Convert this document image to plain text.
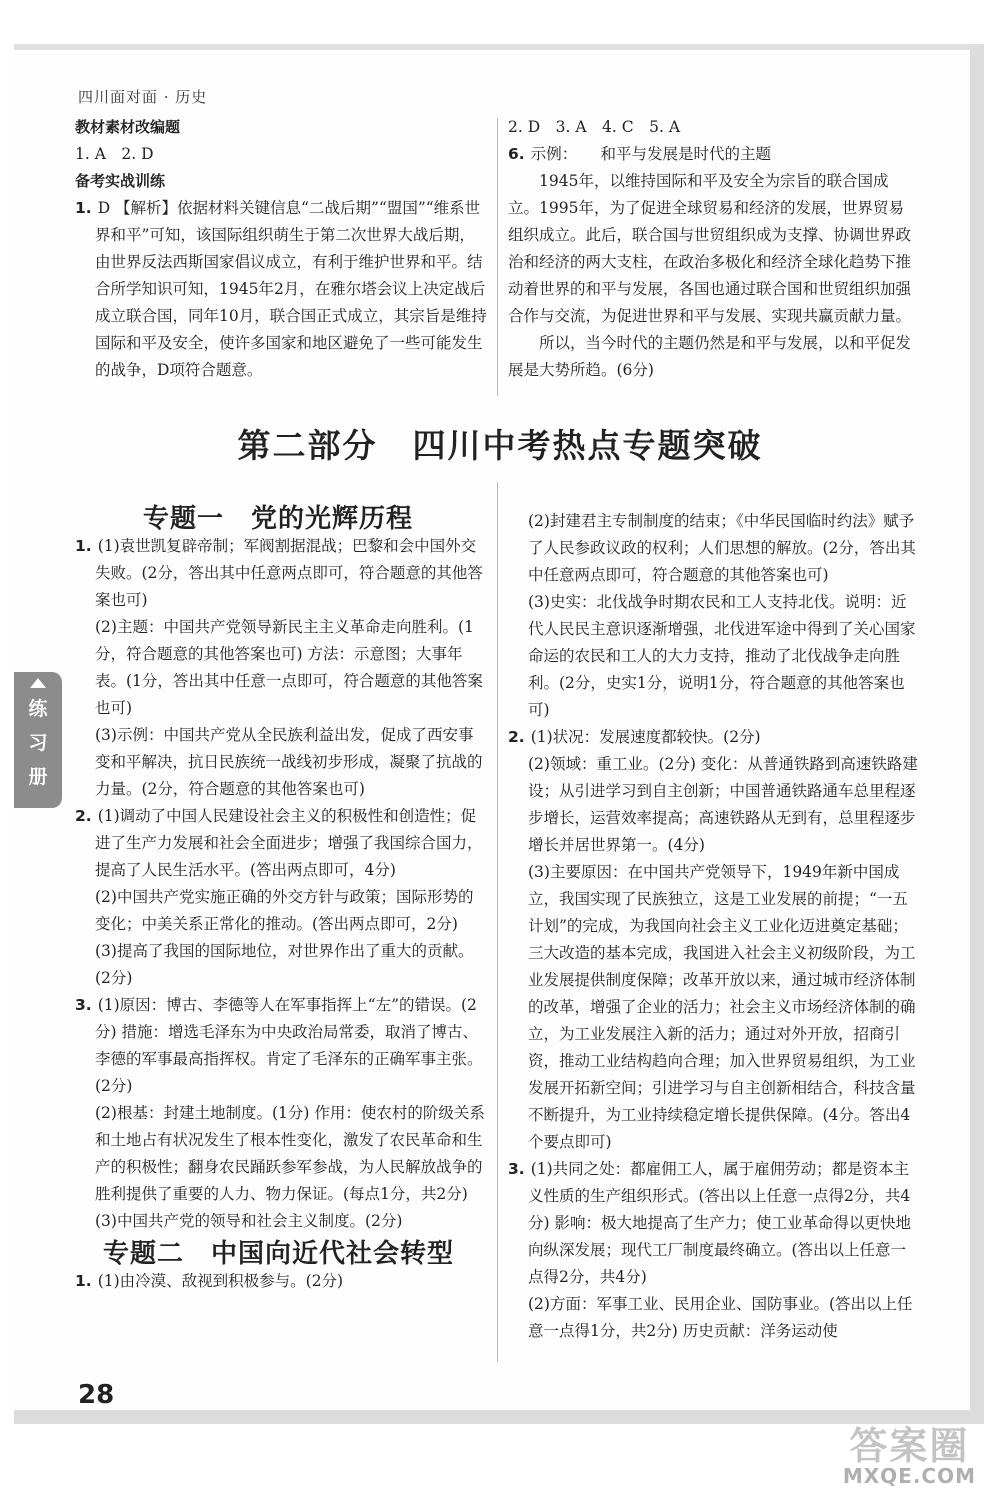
四川面对面 · 历史

教材素材改编题

1. A　2. D

备考实战训练

1. D 【解析】依据材料关键信息“二战后期”“盟国”“维系世界和平”可知，该国际组织萌生于第二次世界大战后期，由世界反法西斯国家倡议成立，有利于维护世界和平。结合所学知识可知，1945年2月，在雅尔塔会议上决定战后成立联合国，同年10月，联合国正式成立，其宗旨是维持国际和平及安全，使许多国家和地区避免了一些可能发生的战争，D项符合题意。

2. D　3. A　4. C　5. A

6. 示例：　　和平与发展是时代的主题

1945年，以维持国际和平及安全为宗旨的联合国成立。1995年，为了促进全球贸易和经济的发展，世界贸易组织成立。此后，联合国与世贸组织成为支撑、协调世界政治和经济的两大支柱，在政治多极化和经济全球化趋势下推动着世界的和平与发展，各国也通过联合国和世贸组织加强合作与交流，为促进世界和平与发展、实现共赢贡献力量。

所以，当今时代的主题仍然是和平与发展，以和平促发展是大势所趋。(6分)

第二部分　四川中考热点专题突破

专题一　党的光辉历程

1. (1)袁世凯复辟帝制；军阀割据混战；巴黎和会中国外交失败。(2分，答出其中任意两点即可，符合题意的其他答案也可)

(2)主题：中国共产党领导新民主主义革命走向胜利。(1分，符合题意的其他答案也可) 方法：示意图；大事年表。(1分，答出其中任意一点即可，符合题意的其他答案也可)

(3)示例：中国共产党从全民族利益出发，促成了西安事变和平解决，抗日民族统一战线初步形成，凝聚了抗战的力量。(2分，符合题意的其他答案也可)

2. (1)调动了中国人民建设社会主义的积极性和创造性；促进了生产力发展和社会全面进步；增强了我国综合国力，提高了人民生活水平。(答出两点即可，4分)

(2)中国共产党实施正确的外交方针与政策；国际形势的变化；中美关系正常化的推动。(答出两点即可，2分)

(3)提高了我国的国际地位，对世界作出了重大的贡献。(2分)

3. (1)原因：博古、李德等人在军事指挥上“左”的错误。(2分) 措施：增选毛泽东为中央政治局常委，取消了博古、李德的军事最高指挥权。肯定了毛泽东的正确军事主张。(2分)

(2)根基：封建土地制度。(1分) 作用：使农村的阶级关系和土地占有状况发生了根本性变化，激发了农民革命和生产的积极性；翻身农民踊跃参军参战，为人民解放战争的胜利提供了重要的人力、物力保证。(每点1分，共2分)

(3)中国共产党的领导和社会主义制度。(2分)

专题二　中国向近代社会转型

1. (1)由冷漠、敌视到积极参与。(2分)

(2)封建君主专制制度的结束；《中华民国临时约法》赋予了人民参政议政的权利；人们思想的解放。(2分，答出其中任意两点即可，符合题意的其他答案也可)

(3)史实：北伐战争时期农民和工人支持北伐。说明：近代人民民主意识逐渐增强，北伐进军途中得到了关心国家命运的农民和工人的大力支持，推动了北伐战争走向胜利。(2分，史实1分，说明1分，符合题意的其他答案也可)

2. (1)状况：发展速度都较快。(2分)

(2)领域：重工业。(2分) 变化：从普通铁路到高速铁路建设；从引进学习到自主创新；中国普通铁路通车总里程逐步增长，运营效率提高；高速铁路从无到有，总里程逐步增长并居世界第一。(4分)

(3)主要原因：在中国共产党领导下，1949年新中国成立，我国实现了民族独立，这是工业发展的前提；“一五计划”的完成，为我国向社会主义工业化迈进奠定基础；三大改造的基本完成，我国进入社会主义初级阶段，为工业发展提供制度保障；改革开放以来，通过城市经济体制的改革，增强了企业的活力；社会主义市场经济体制的确立，为工业发展注入新的活力；通过对外开放，招商引资，推动工业结构趋向合理；加入世界贸易组织，为工业发展开拓新空间；引进学习与自主创新相结合，科技含量不断提升，为工业持续稳定增长提供保障。(4分。答出4个要点即可)

3. (1)共同之处：都雇佣工人，属于雇佣劳动；都是资本主义性质的生产组织形式。(答出以上任意一点得2分，共4分) 影响：极大地提高了生产力；使工业革命得以更快地向纵深发展；现代工厂制度最终确立。(答出以上任意一点得2分，共4分)

(2)方面：军事工业、民用企业、国防事业。(答出以上任意一点得1分，共2分) 历史贡献：洋务运动使

练
习
册
28
答案圈
MXQE.COM
